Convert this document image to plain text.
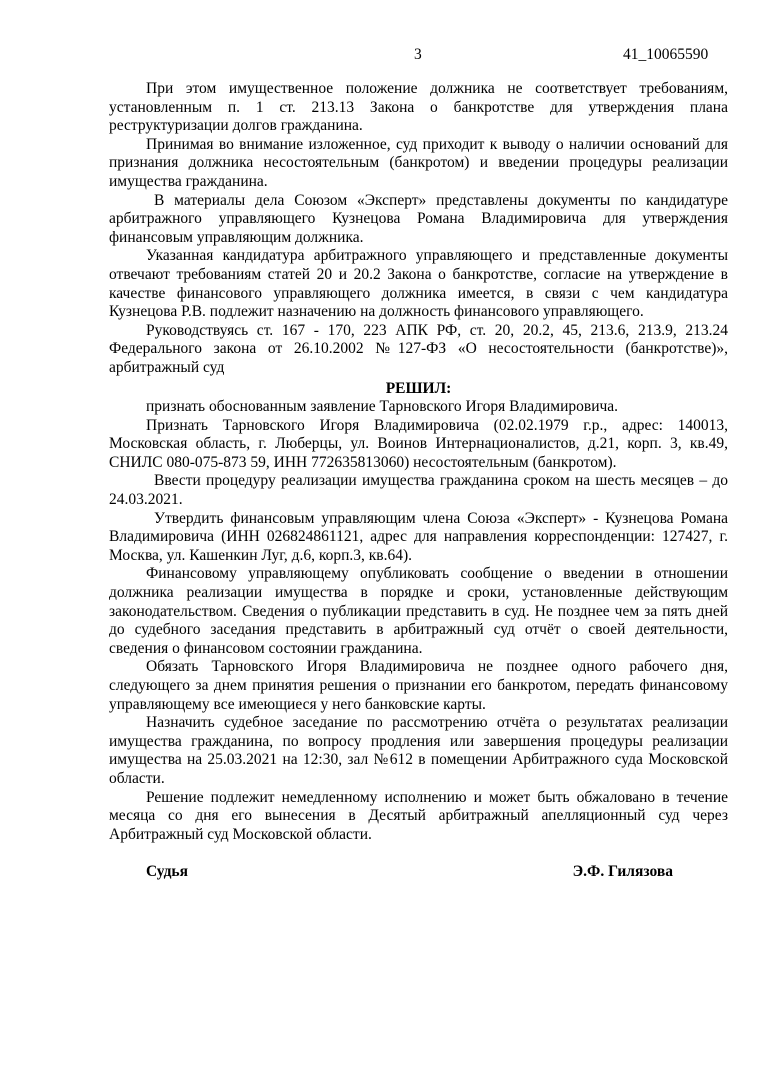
3	41_10065590

При этом имущественное положение должника не соответствует требованиям, установленным п. 1 ст. 213.13 Закона о банкротстве для утверждения плана реструктуризации долгов гражданина.

Принимая во внимание изложенное, суд приходит к выводу о наличии оснований для признания должника несостоятельным (банкротом) и введении процедуры реализации имущества гражданина.

В материалы дела Союзом «Эксперт» представлены документы по кандидатуре арбитражного управляющего Кузнецова Романа Владимировича для утверждения финансовым управляющим должника.

Указанная кандидатура арбитражного управляющего и представленные документы отвечают требованиям статей 20 и 20.2 Закона о банкротстве, согласие на утверждение в качестве финансового управляющего должника имеется, в связи с чем кандидатура Кузнецова Р.В. подлежит назначению на должность финансового управляющего.

Руководствуясь ст. 167 - 170, 223 АПК РФ, ст. 20, 20.2, 45, 213.6, 213.9, 213.24 Федерального закона от 26.10.2002 №127-ФЗ «О несостоятельности (банкротстве)», арбитражный суд

РЕШИЛ:

признать обоснованным заявление Тарновского Игоря Владимировича.

Признать Тарновского Игоря Владимировича (02.02.1979 г.р., адрес: 140013, Московская область, г. Люберцы, ул. Воинов Интернационалистов, д.21, корп. 3, кв.49, СНИЛС 080-075-873 59, ИНН 772635813060) несостоятельным (банкротом).

Ввести процедуру реализации имущества гражданина сроком на шесть месяцев – до 24.03.2021.

Утвердить финансовым управляющим члена Союза «Эксперт» - Кузнецова Романа Владимировича (ИНН 026824861121, адрес для направления корреспонденции: 127427, г. Москва, ул. Кашенкин Луг, д.6, корп.3, кв.64).

Финансовому управляющему опубликовать сообщение о введении в отношении должника реализации имущества в порядке и сроки, установленные действующим законодательством. Сведения о публикации представить в суд. Не позднее чем за пять дней до судебного заседания представить в арбитражный суд отчёт о своей деятельности, сведения о финансовом состоянии гражданина.

Обязать Тарновского Игоря Владимировича не позднее одного рабочего дня, следующего за днем принятия решения о признании его банкротом, передать финансовому управляющему все имеющиеся у него банковские карты.

Назначить судебное заседание по рассмотрению отчёта о результатах реализации имущества гражданина, по вопросу продления или завершения процедуры реализации имущества на 25.03.2021 на 12:30, зал №612 в помещении Арбитражного суда Московской области.

Решение подлежит немедленному исполнению и может быть обжаловано в течение месяца со дня его вынесения в Десятый арбитражный апелляционный суд через Арбитражный суд Московской области.

Судья	Э.Ф. Гилязова
